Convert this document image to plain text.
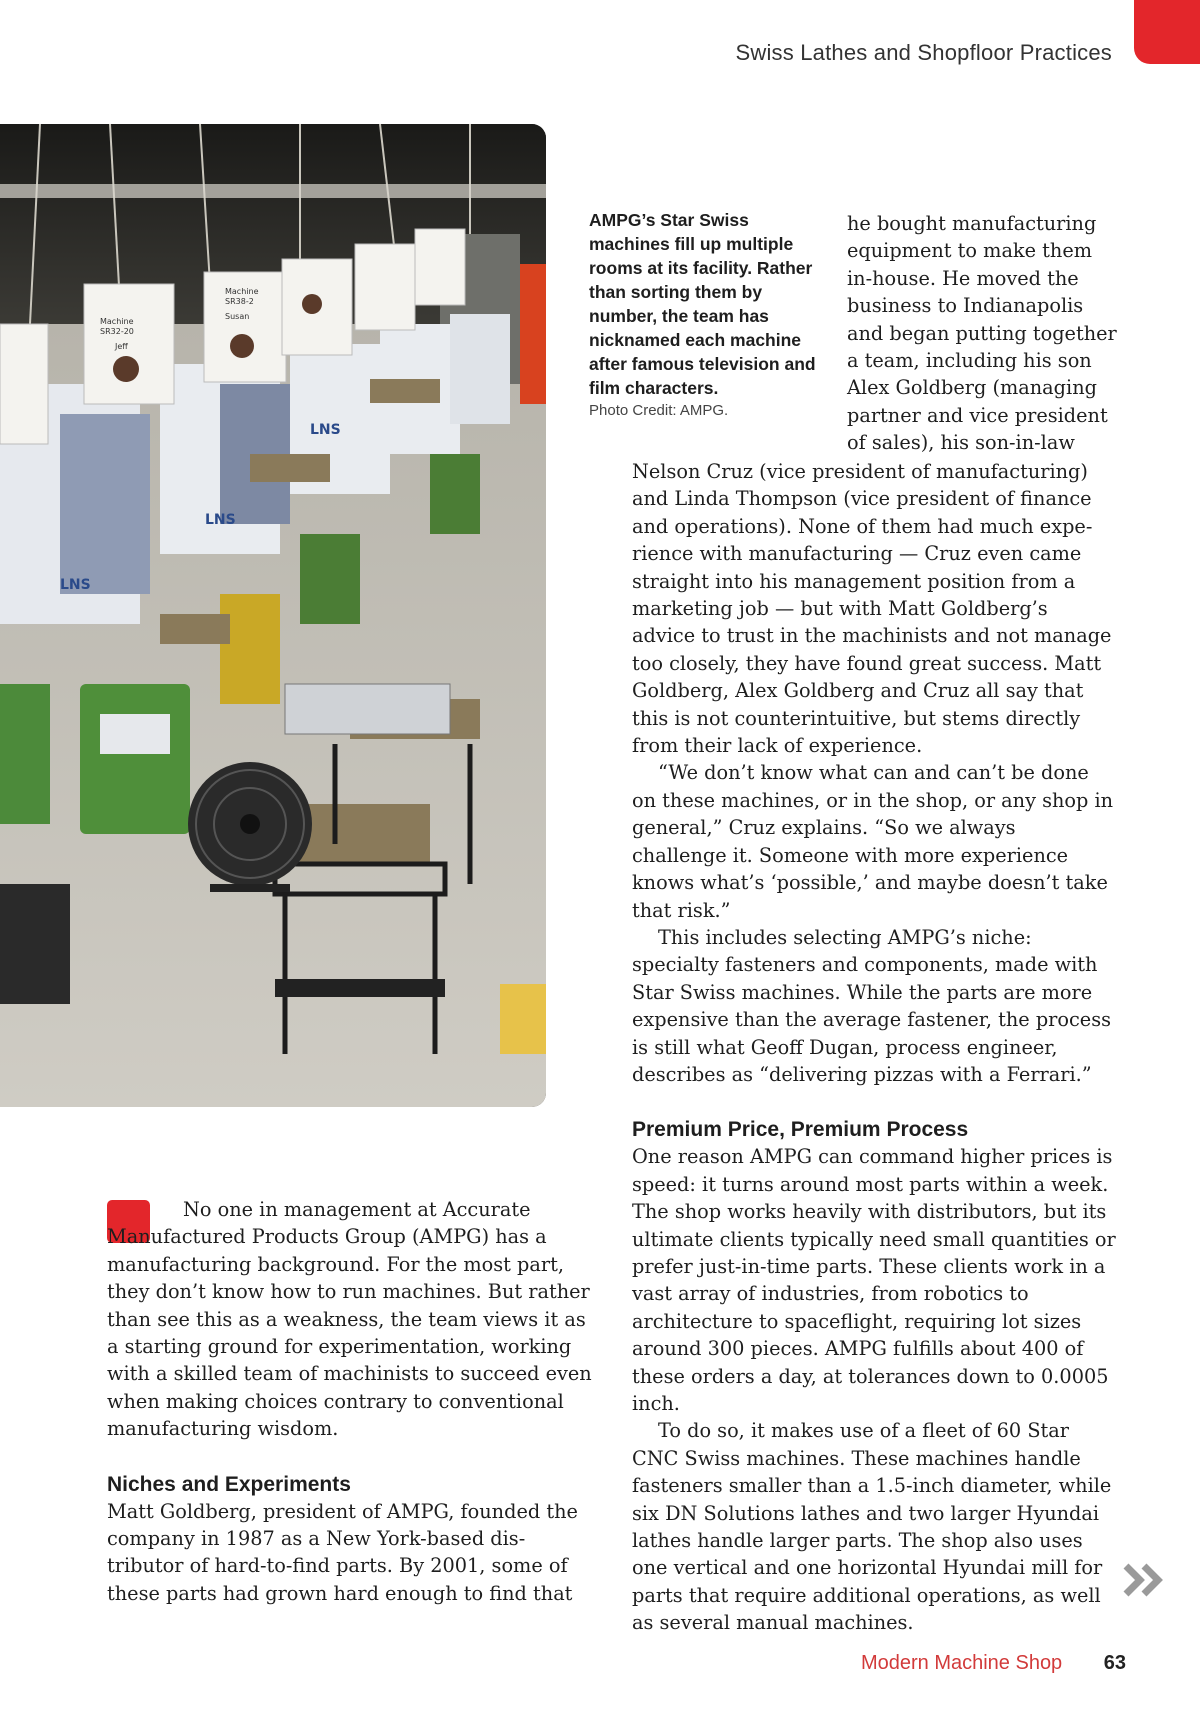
Swiss Lathes and Shopfloor Practices
Machine
SR32-20
Jeff
Machine
SR38-2
Susan
LNS
LNS
LNS
AMPG’s Star Swiss machines fill up multiple rooms at its facility. Rather than sorting them by number, the team has nicknamed each machine after famous television and film characters.
Photo Credit: AMPG.

he bought manufacturing equipment to make them in-house. He moved the business to Indianapolis and began putting together a team, including his son Alex Goldberg (managing partner and vice president of sales), his son-in-law

Nelson Cruz (vice president of manufacturing) and Linda Thompson (vice president of finance and operations). None of them had much experience with manufacturing — Cruz even came straight into his management position from a marketing job — but with Matt Goldberg’s advice to trust in the machinists and not manage too closely, they have found great success. Matt Goldberg, Alex Goldberg and Cruz all say that this is not counterintuitive, but stems directly from their lack of experience.

“We don’t know what can and can’t be done on these machines, or in the shop, or any shop in general,” Cruz explains. “So we always challenge it. Someone with more experience knows what’s ‘possible,’ and maybe doesn’t take that risk.”

This includes selecting AMPG’s niche: specialty fasteners and components, made with Star Swiss machines. While the parts are more expensive than the average fastener, the process is still what Geoff Dugan, process engineer, describes as “delivering pizzas with a Ferrari.”

Premium Price, Premium Process

One reason AMPG can command higher prices is speed: it turns around most parts within a week. The shop works heavily with distributors, but its ultimate clients typically need small quantities or prefer just-in-time parts. These clients work in a vast array of industries, from robotics to architecture to spaceflight, requiring lot sizes around 300 pieces. AMPG fulfills about 400 of these orders a day, at tolerances down to 0.0005 inch.

To do so, it makes use of a fleet of 60 Star CNC Swiss machines. These machines handle fasteners smaller than a 1.5-inch diameter, while six DN Solutions lathes and two larger Hyundai lathes handle larger parts. The shop also uses one vertical and one horizontal Hyundai mill for parts that require additional operations, as well as several manual machines.

No one in management at Accurate Manufactured Products Group (AMPG) has a manufacturing background. For the most part, they don’t know how to run machines. But rather than see this as a weakness, the team views it as a starting ground for experimentation, working with a skilled team of machinists to succeed even when making choices contrary to conventional manufacturing wisdom.

Niches and Experiments

Matt Goldberg, president of AMPG, founded the company in 1987 as a New York-based distributor of hard-to-find parts. By 2001, some of these parts had grown hard enough to find that

Modern Machine Shop 63
